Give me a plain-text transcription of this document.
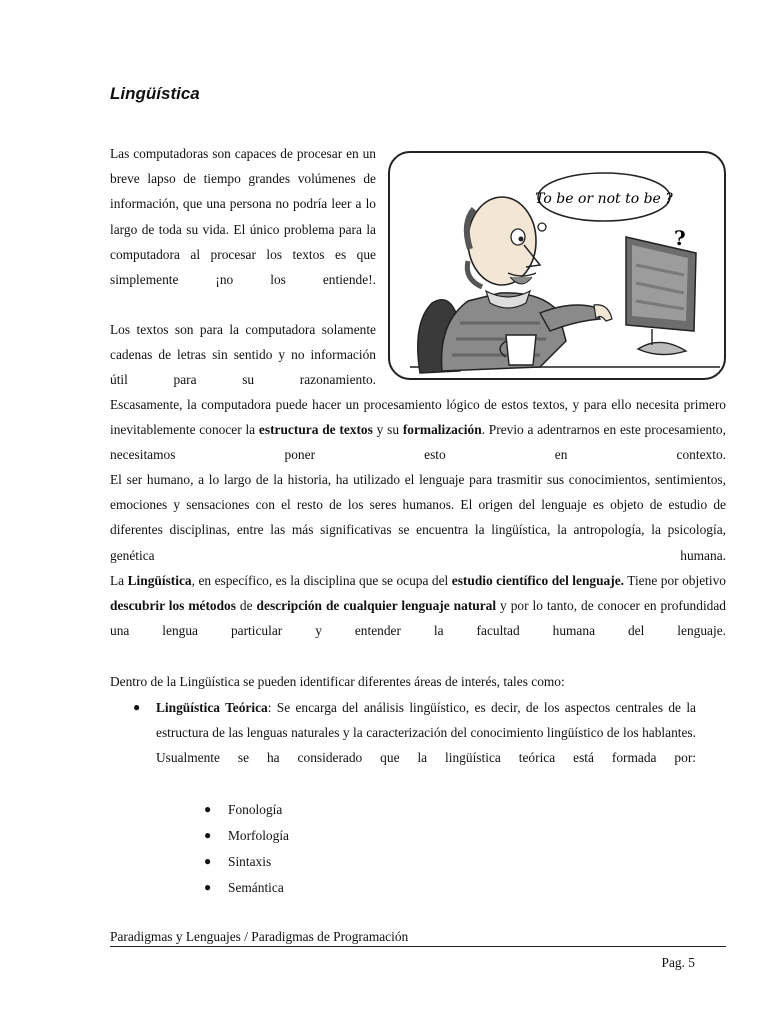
Lingüística

Las computadoras son capaces de procesar en un breve lapso de tiempo grandes volúmenes de información, que una persona no podría leer a lo largo de toda su vida. El único problema para la computadora al procesar los textos es que simplemente ¡no los entiende!.

Los textos son para la computadora solamente cadenas de letras sin sentido y no información útil para su razonamiento.

To be or not to be ?
?

Escasamente, la computadora puede hacer un procesamiento lógico de estos textos, y para ello necesita primero inevitablemente conocer la estructura de textos y su formalización. Previo a adentrarnos en este procesamiento, necesitamos poner esto en contexto.

El ser humano, a lo largo de la historia, ha utilizado el lenguaje para trasmitir sus conocimientos, sentimientos, emociones y sensaciones con el resto de los seres humanos. El origen del lenguaje es objeto de estudio de diferentes disciplinas, entre las más significativas se encuentra la lingüística, la antropología, la psicología, genética humana.

La Lingüística, en específico, es la disciplina que se ocupa del estudio científico del lenguaje. Tiene por objetivo descubrir los métodos de descripción de cualquier lenguaje natural y por lo tanto, de conocer en profundidad una lengua particular y entender la facultad humana del lenguaje.

Dentro de la Lingüística se pueden identificar diferentes áreas de interés, tales como:

● Lingüística Teórica: Se encarga del análisis lingüístico, es decir, de los aspectos centrales de la estructura de las lenguas naturales y la caracterización del conocimiento lingüístico de los hablantes. Usualmente se ha considerado que la lingüística teórica está formada por:

● Fonología
● Morfología
● Sintaxis
● Semántica
Paradigmas y Lenguajes / Paradigmas de Programación
Pag. 5
